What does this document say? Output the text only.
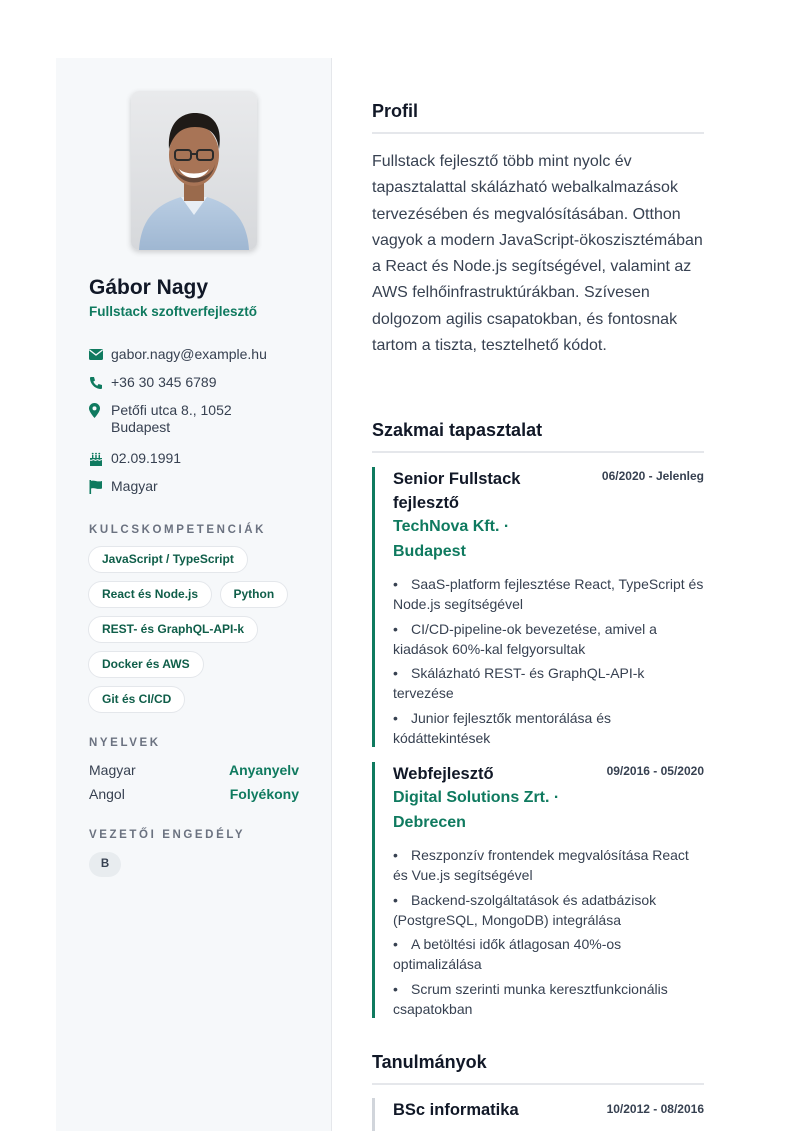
Gábor Nagy
Fullstack szoftverfejlesztő
gabor.nagy@example.hu
+36 30 345 6789
Petőfi utca 8., 1052 Budapest
02.09.1991
Magyar
KULCSKOMPETENCIÁK
JavaScript / TypeScript
React és Node.js	Python
REST- és GraphQL-API-k
Docker és AWS
Git és CI/CD
NYELVEK
Magyar	Anyanyelv
Angol	Folyékony
VEZETŐI ENGEDÉLY
B
Profil
Fullstack fejlesztő több mint nyolc év tapasztalattal skálázható webalkalmazások tervezésében és megvalósításában. Otthon vagyok a modern JavaScript-ökoszisztémában a React és Node.js segítségével, valamint az AWS felhőinfrastruktúrákban. Szívesen dolgozom agilis csapatokban, és fontosnak tartom a tiszta, tesztelhető kódot.
Szakmai tapasztalat
Senior Fullstack fejlesztő
TechNova Kft. · Budapest
06/2020 - Jelenleg
• SaaS-platform fejlesztése React, TypeScript és Node.js segítségével
• CI/CD-pipeline-ok bevezetése, amivel a kiadások 60%-kal felgyorsultak
• Skálázható REST- és GraphQL-API-k tervezése
• Junior fejlesztők mentorálása és kódáttekintések
Webfejlesztő
Digital Solutions Zrt. · Debrecen
09/2016 - 05/2020
• Reszponzív frontendek megvalósítása React és Vue.js segítségével
• Backend-szolgáltatások és adatbázisok (PostgreSQL, MongoDB) integrálása
• A betöltési idők átlagosan 40%-os optimalizálása
• Scrum szerinti munka keresztfunkcionális csapatokban
Tanulmányok
BSc informatika	10/2012 - 08/2016
